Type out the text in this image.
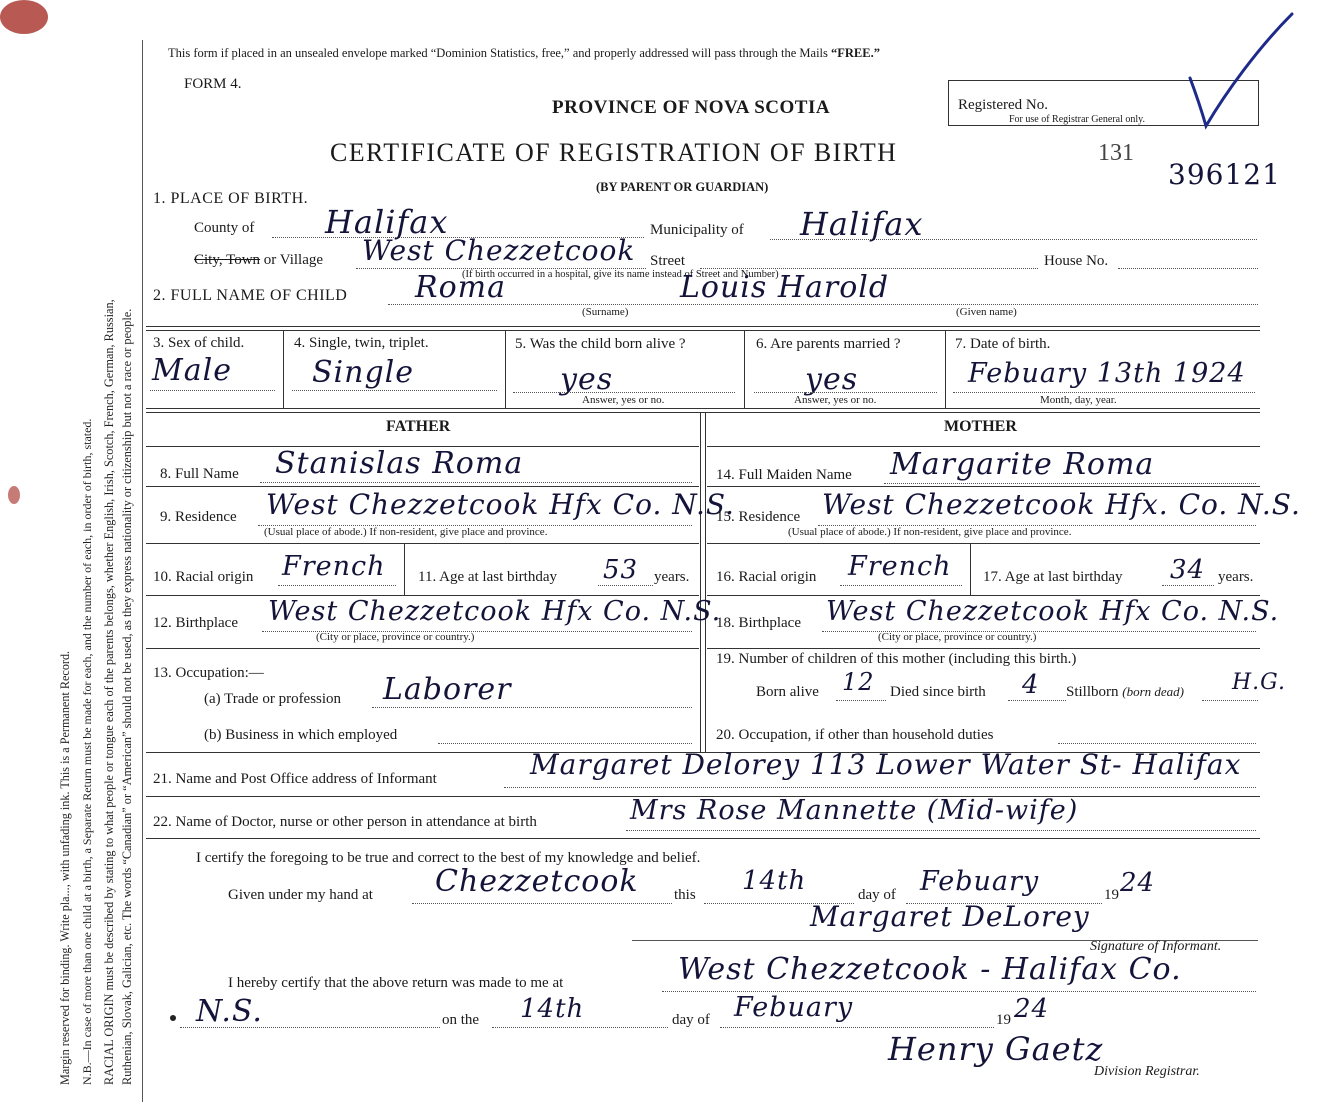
Margin reserved for binding. Write pla..., with unfading ink. This is a Permanent Record. N.B.—In case of more than one child at a birth, a Separate Return must be made for each, and the number of each, in order of birth, stated. RACIAL ORIGIN must be described by stating to what people or tongue each of the parents belongs, whether English, Irish, Scotch, French, German, Russian, Ruthenian, Slovak, Galician, etc. The words “Canadian” or “American” should not be used, as they express nationality or citizenship but not a race or people.
This form if placed in an unsealed envelope marked “Dominion Statistics, free,” and properly addressed will pass through the Mails “FREE.”
FORM 4.
PROVINCE OF NOVA SCOTIA
CERTIFICATE OF REGISTRATION OF BIRTH	131
(BY PARENT OR GUARDIAN)	396121
Registered No.
For use of Registrar General only.
1. PLACE OF BIRTH.
County of Halifax	Municipality of Halifax
City, Town or Village West Chezzetcook Street	House No.
(If birth occurred in a hospital, give its name instead of Street and Number)
2. FULL NAME OF CHILD Roma	Louis Harold
(Surname)	(Given name)
3. Sex of child.
Male
4. Single, twin, triplet.
Single
5. Was the child born alive ?
yes
Answer, yes or no.
6. Are parents married ?
yes
Answer, yes or no.
7. Date of birth.
Febuary 13th 1924
Month, day, year.
FATHER	MOTHER
8. Full Name Stanislas Roma
9. Residence West Chezzetcook Hfx Co. N.S.
(Usual place of abode.) If non-resident, give place and province.
10. Racial origin French 11. Age at last birthday 53 years.
12. Birthplace West Chezzetcook Hfx Co. N.S.
(City or place, province or country.)
13. Occupation:—
(a) Trade or profession Laborer
(b) Business in which employed
14. Full Maiden Name Margarite Roma
15. Residence West Chezzetcook Hfx. Co. N.S.
(Usual place of abode.) If non-resident, give place and province.
16. Racial origin French 17. Age at last birthday 34 years.
18. Birthplace West Chezzetcook Hfx Co. N.S.
(City or place, province or country.)
19. Number of children of this mother (including this birth.)
Born alive 12 Died since birth 4 Stillborn (born dead) H.G.
20. Occupation, if other than household duties
21. Name and Post Office address of Informant	Margaret Delorey 113 Lower Water St- Halifax
22. Name of Doctor, nurse or other person in attendance at birth	Mrs Rose Mannette (Mid-wife)
I certify the foregoing to be true and correct to the best of my knowledge and belief.
Given under my hand at Chezzetcook this 14th	day of Febuary	19 24
Margaret DeLorey
Signature of Informant.
I hereby certify that the above return was made to me at	West Chezzetcook - Halifax Co.
N.S.	on the 14th	day of Febuary	19 24
Henry Gaetz
Division Registrar.
